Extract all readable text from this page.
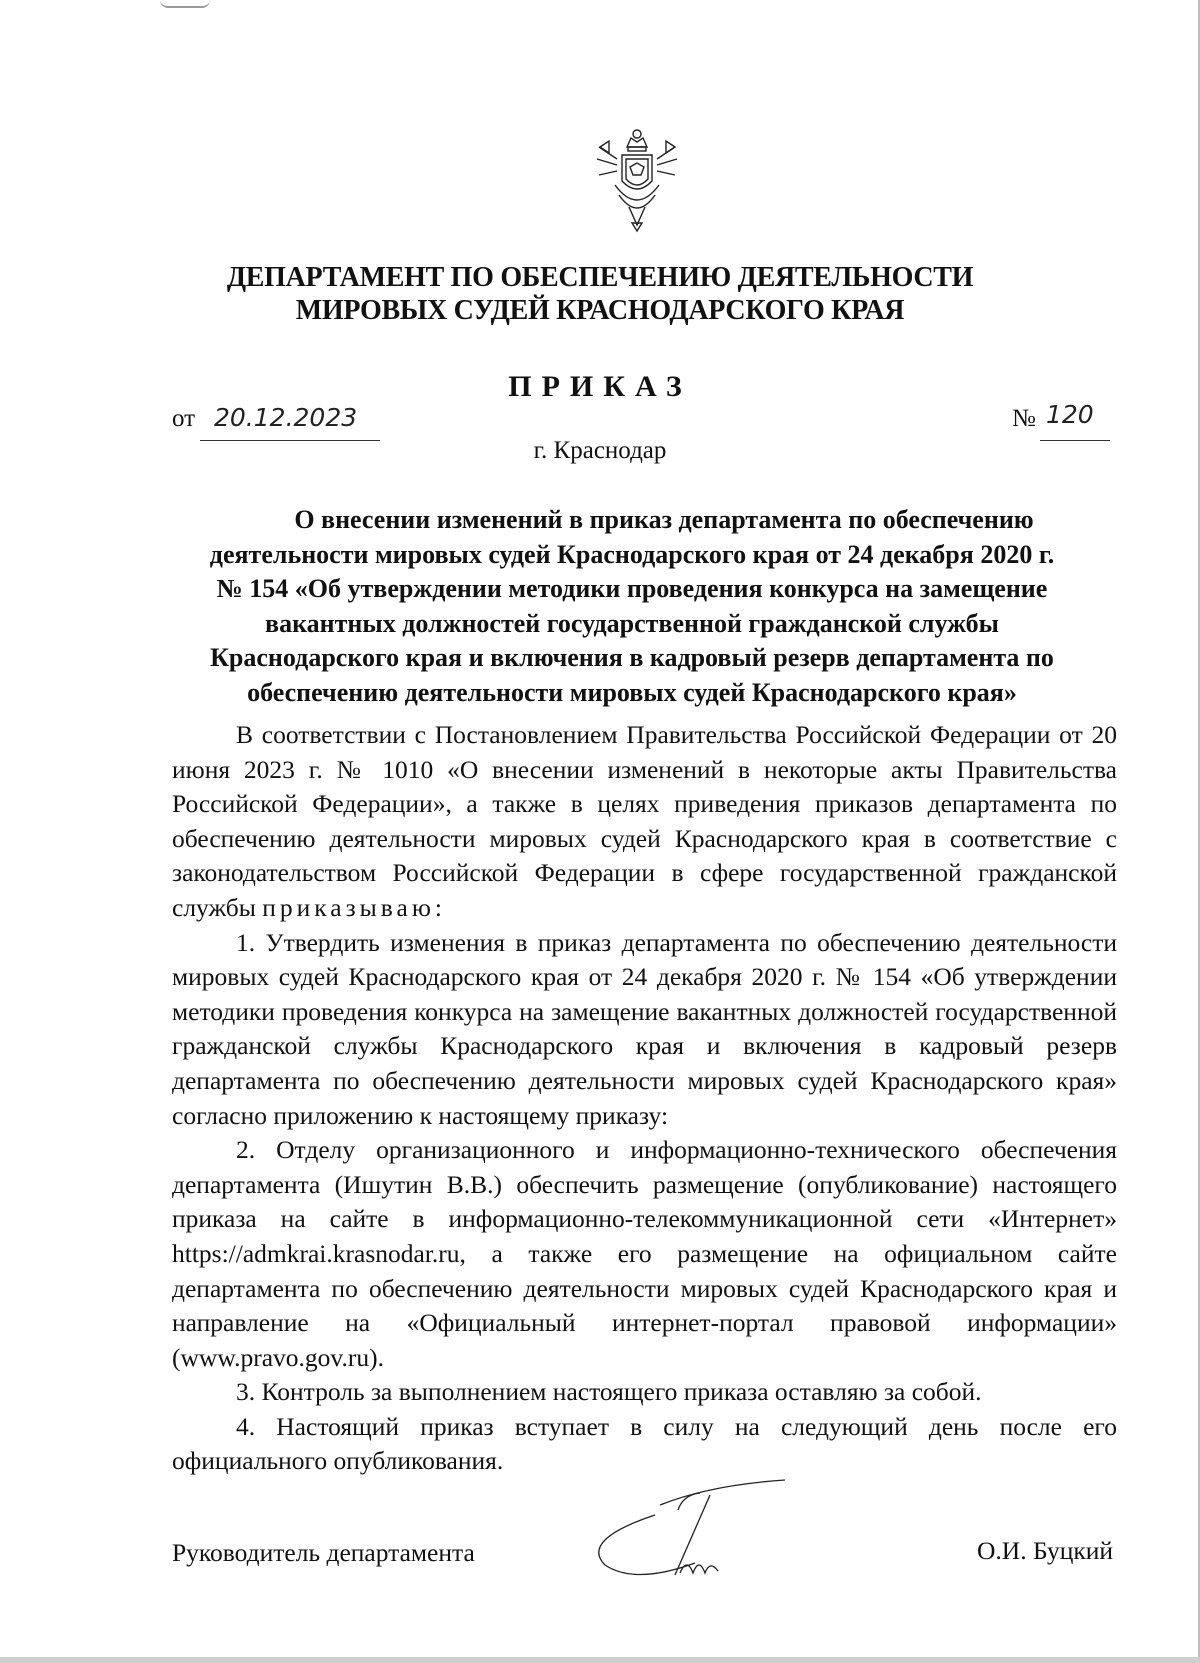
ДЕПАРТАМЕНТ ПО ОБЕСПЕЧЕНИЮ ДЕЯТЕЛЬНОСТИ
МИРОВЫХ СУДЕЙ КРАСНОДАРСКОГО КРАЯ
ПРИКАЗ
от 20.12.2023	№ 120
г. Краснодар
О внесении изменений в приказ департамента по обеспечению
деятельности мировых судей Краснодарского края от 24 декабря 2020 г.
№ 154 «Об утверждении методики проведения конкурса на замещение
вакантных должностей государственной гражданской службы
Краснодарского края и включения в кадровый резерв департамента по
обеспечению деятельности мировых судей Краснодарского края»

В соответствии с Постановлением Правительства Российской Федерации от 20 июня 2023 г. № 1010 «О внесении изменений в некоторые акты Правительства Российской Федерации», а также в целях приведения приказов департамента по обеспечению деятельности мировых судей Краснодарского края в соответствие с законодательством Российской Федерации в сфере государственной гражданской службы приказываю:

1. Утвердить изменения в приказ департамента по обеспечению деятельности мировых судей Краснодарского края от 24 декабря 2020 г. № 154 «Об утверждении методики проведения конкурса на замещение вакантных должностей государственной гражданской службы Краснодарского края и включения в кадровый резерв департамента по обеспечению деятельности мировых судей Краснодарского края» согласно приложению к настоящему приказу:

2. Отделу организационного и информационно-технического обеспечения департамента (Ишутин В.В.) обеспечить размещение (опубликование) настоящего приказа на сайте в информационно-телекоммуникационной сети «Интернет» https://admkrai.krasnodar.ru, а также его размещение на официальном сайте департамента по обеспечению деятельности мировых судей Краснодарского края и направление на «Официальный интернет-портал правовой информации» (www.pravo.gov.ru).

3. Контроль за выполнением настоящего приказа оставляю за собой.

4. Настоящий приказ вступает в силу на следующий день после его официального опубликования.

Руководитель департамента	О.И. Буцкий
